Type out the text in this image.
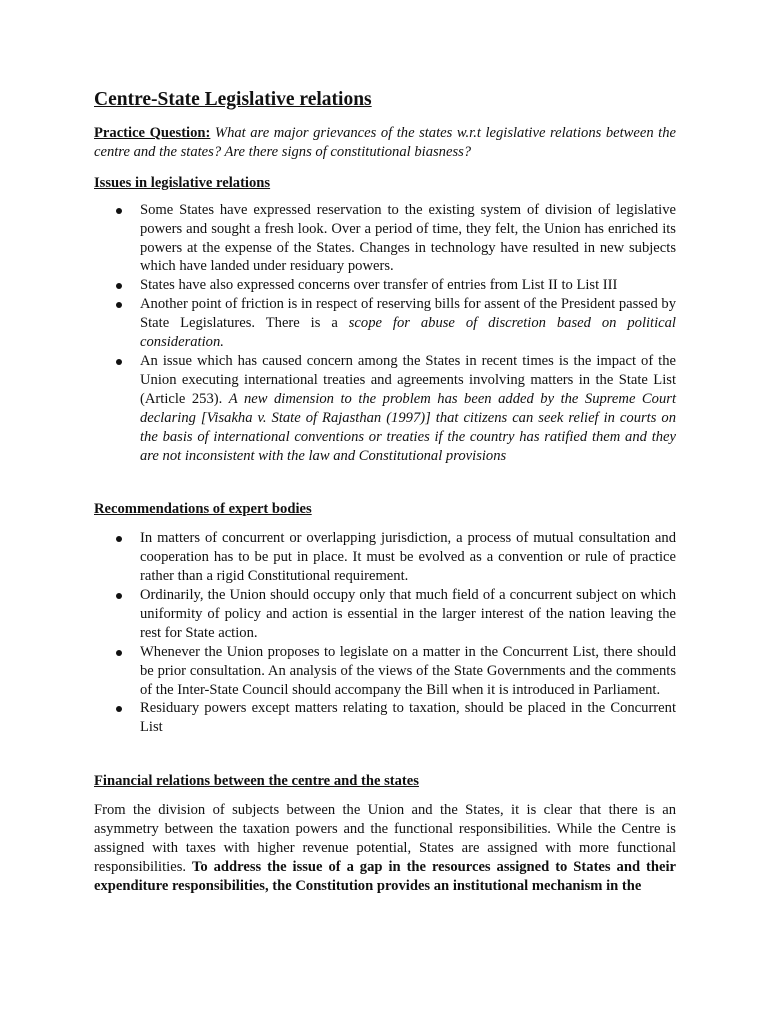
Centre-State Legislative relations

Practice Question: What are major grievances of the states w.r.t legislative relations between the centre and the states? Are there signs of constitutional biasness?

Issues in legislative relations
Some States have expressed reservation to the existing system of division of legislative powers and sought a fresh look. Over a period of time, they felt, the Union has enriched its powers at the expense of the States. Changes in technology have resulted in new subjects which have landed under residuary powers.
States have also expressed concerns over transfer of entries from List II to List III
Another point of friction is in respect of reserving bills for assent of the President passed by State Legislatures. There is a scope for abuse of discretion based on political consideration.
An issue which has caused concern among the States in recent times is the impact of the Union executing international treaties and agreements involving matters in the State List (Article 253). A new dimension to the problem has been added by the Supreme Court declaring [Visakha v. State of Rajasthan (1997)] that citizens can seek relief in courts on the basis of international conventions or treaties if the country has ratified them and they are not inconsistent with the law and Constitutional provisions
Recommendations of expert bodies
In matters of concurrent or overlapping jurisdiction, a process of mutual consultation and cooperation has to be put in place. It must be evolved as a convention or rule of practice rather than a rigid Constitutional requirement.
Ordinarily, the Union should occupy only that much field of a concurrent subject on which uniformity of policy and action is essential in the larger interest of the nation leaving the rest for State action.
Whenever the Union proposes to legislate on a matter in the Concurrent List, there should be prior consultation. An analysis of the views of the State Governments and the comments of the Inter-State Council should accompany the Bill when it is introduced in Parliament.
Residuary powers except matters relating to taxation, should be placed in the Concurrent List
Financial relations between the centre and the states

From the division of subjects between the Union and the States, it is clear that there is an asymmetry between the taxation powers and the functional responsibilities. While the Centre is assigned with taxes with higher revenue potential, States are assigned with more functional responsibilities. To address the issue of a gap in the resources assigned to States and their expenditure responsibilities, the Constitution provides an institutional mechanism in the
